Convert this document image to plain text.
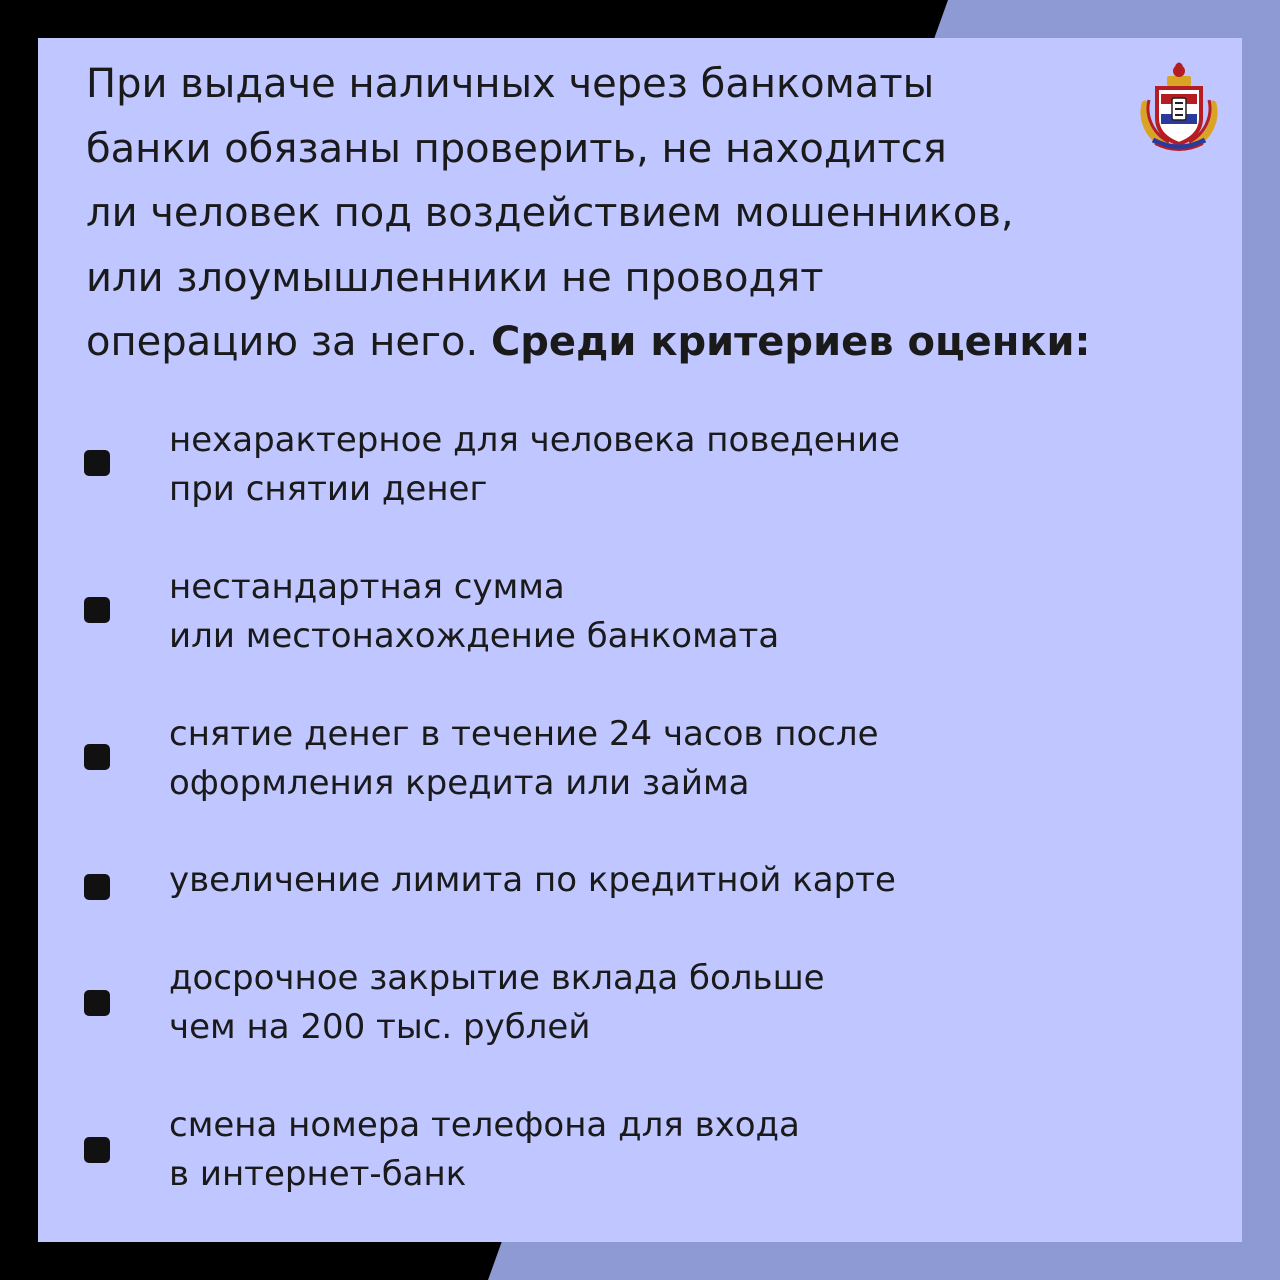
При выдаче наличных через банкоматы
банки обязаны проверить, не находится
ли человек под воздействием мошенников,
или злоумышленники не проводят
операцию за него. Среди критериев оценки:
нехарактерное для человека поведение
при снятии денег
нестандартная сумма
или местонахождение банкомата
снятие денег в течение 24 часов после
оформления кредита или займа
увеличение лимита по кредитной карте
досрочное закрытие вклада больше
чем на 200 тыс. рублей
смена номера телефона для входа
в интернет-банк
